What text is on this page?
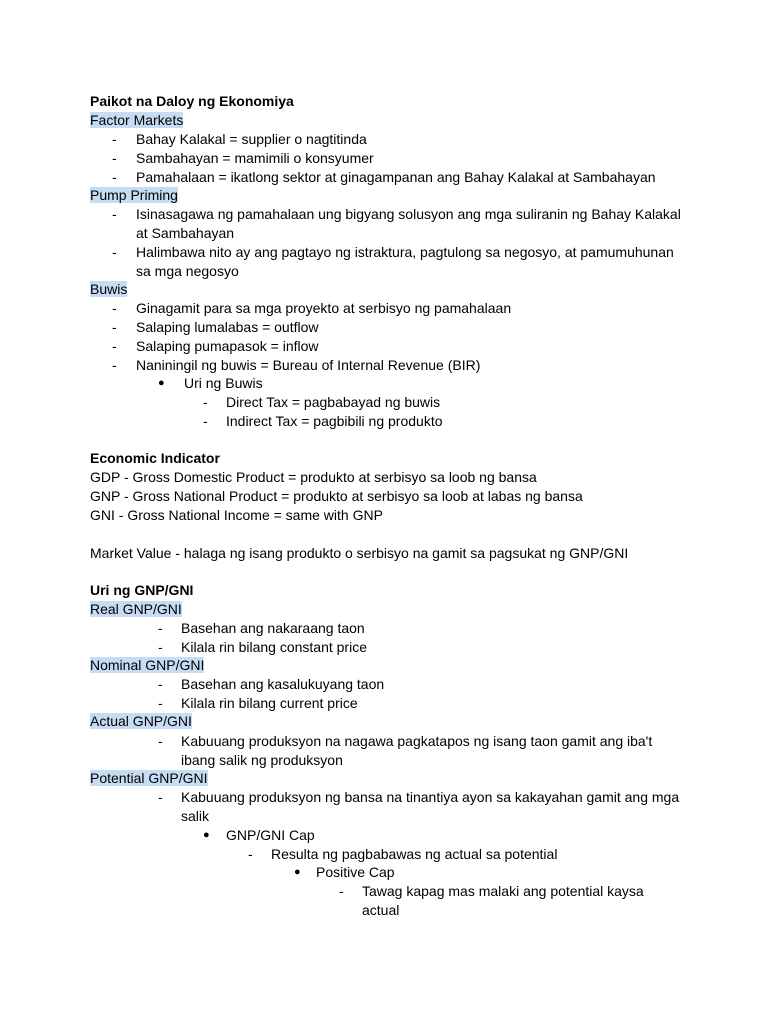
Paikot na Daloy ng Ekonomiya
Factor Markets
- Bahay Kalakal = supplier o nagtitinda
- Sambahayan = mamimili o konsyumer
- Pamahalaan = ikatlong sektor at ginagampanan ang Bahay Kalakal at Sambahayan
Pump Priming
- Isinasagawa ng pamahalaan ung bigyang solusyon ang mga suliranin ng Bahay Kalakal
at Sambahayan
- Halimbawa nito ay ang pagtayo ng istraktura, pagtulong sa negosyo, at pamumuhunan
sa mga negosyo
Buwis
- Ginagamit para sa mga proyekto at serbisyo ng pamahalaan
- Salaping lumalabas = outflow
- Salaping pumapasok = inflow
- Naniningil ng buwis = Bureau of Internal Revenue (BIR)
● Uri ng Buwis
- Direct Tax = pagbabayad ng buwis
- Indirect Tax = pagbibili ng produkto
Economic Indicator
GDP - Gross Domestic Product = produkto at serbisyo sa loob ng bansa
GNP - Gross National Product = produkto at serbisyo sa loob at labas ng bansa
GNI - Gross National Income = same with GNP
Market Value - halaga ng isang produkto o serbisyo na gamit sa pagsukat ng GNP/GNI
Uri ng GNP/GNI
Real GNP/GNI
- Basehan ang nakaraang taon
- Kilala rin bilang constant price
Nominal GNP/GNI
- Basehan ang kasalukuyang taon
- Kilala rin bilang current price
Actual GNP/GNI
- Kabuuang produksyon na nagawa pagkatapos ng isang taon gamit ang iba't
ibang salik ng produksyon
Potential GNP/GNI
- Kabuuang produksyon ng bansa na tinantiya ayon sa kakayahan gamit ang mga
salik
● GNP/GNI Cap
- Resulta ng pagbabawas ng actual sa potential
● Positive Cap
- Tawag kapag mas malaki ang potential kaysa
actual
